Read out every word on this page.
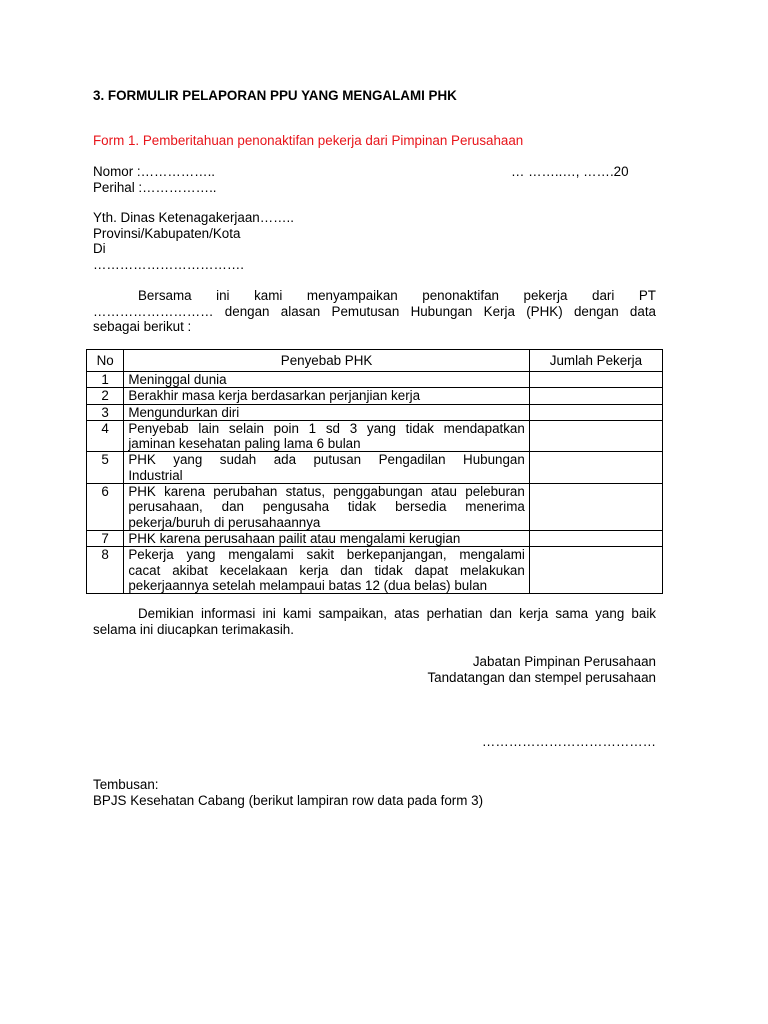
3. FORMULIR PELAPORAN PPU YANG MENGALAMI PHK
Form 1. Pemberitahuan penonaktifan pekerja dari Pimpinan Perusahaan
Nomor :……………..	… ……..…, …….20
Perihal :……………..
Yth. Dinas Ketenagakerjaan……..
Provinsi/Kabupaten/Kota
Di
…………………………….
Bersama ini kami menyampaikan penonaktifan pekerja dari PT
……………………… dengan alasan Pemutusan Hubungan Kerja (PHK) dengan data
sebagai berikut :
No	Penyebab PHK	Jumlah Pekerja
1	Meninggal dunia	

2	Berakhir masa kerja berdasarkan perjanjian kerja	

3	Mengundurkan diri	

4	Penyebab lain selain poin 1 sd 3 yang tidak mendapatkan
jaminan kesehatan paling lama 6 bulan	

5	PHK yang sudah ada putusan Pengadilan Hubungan
Industrial	

6	PHK karena perubahan status, penggabungan atau peleburan
perusahaan, dan pengusaha tidak bersedia menerima
pekerja/buruh di perusahaannya	

7	PHK karena perusahaan pailit atau mengalami kerugian	

8	Pekerja yang mengalami sakit berkepanjangan, mengalami
cacat akibat kecelakaan kerja dan tidak dapat melakukan
pekerjaannya setelah melampaui batas 12 (dua belas) bulan	

Demikian informasi ini kami sampaikan, atas perhatian dan kerja sama yang baik
selama ini diucapkan terimakasih.
Jabatan Pimpinan Perusahaan
Tandatangan dan stempel perusahaan
…………………………………
Tembusan:
BPJS Kesehatan Cabang (berikut lampiran row data pada form 3)
